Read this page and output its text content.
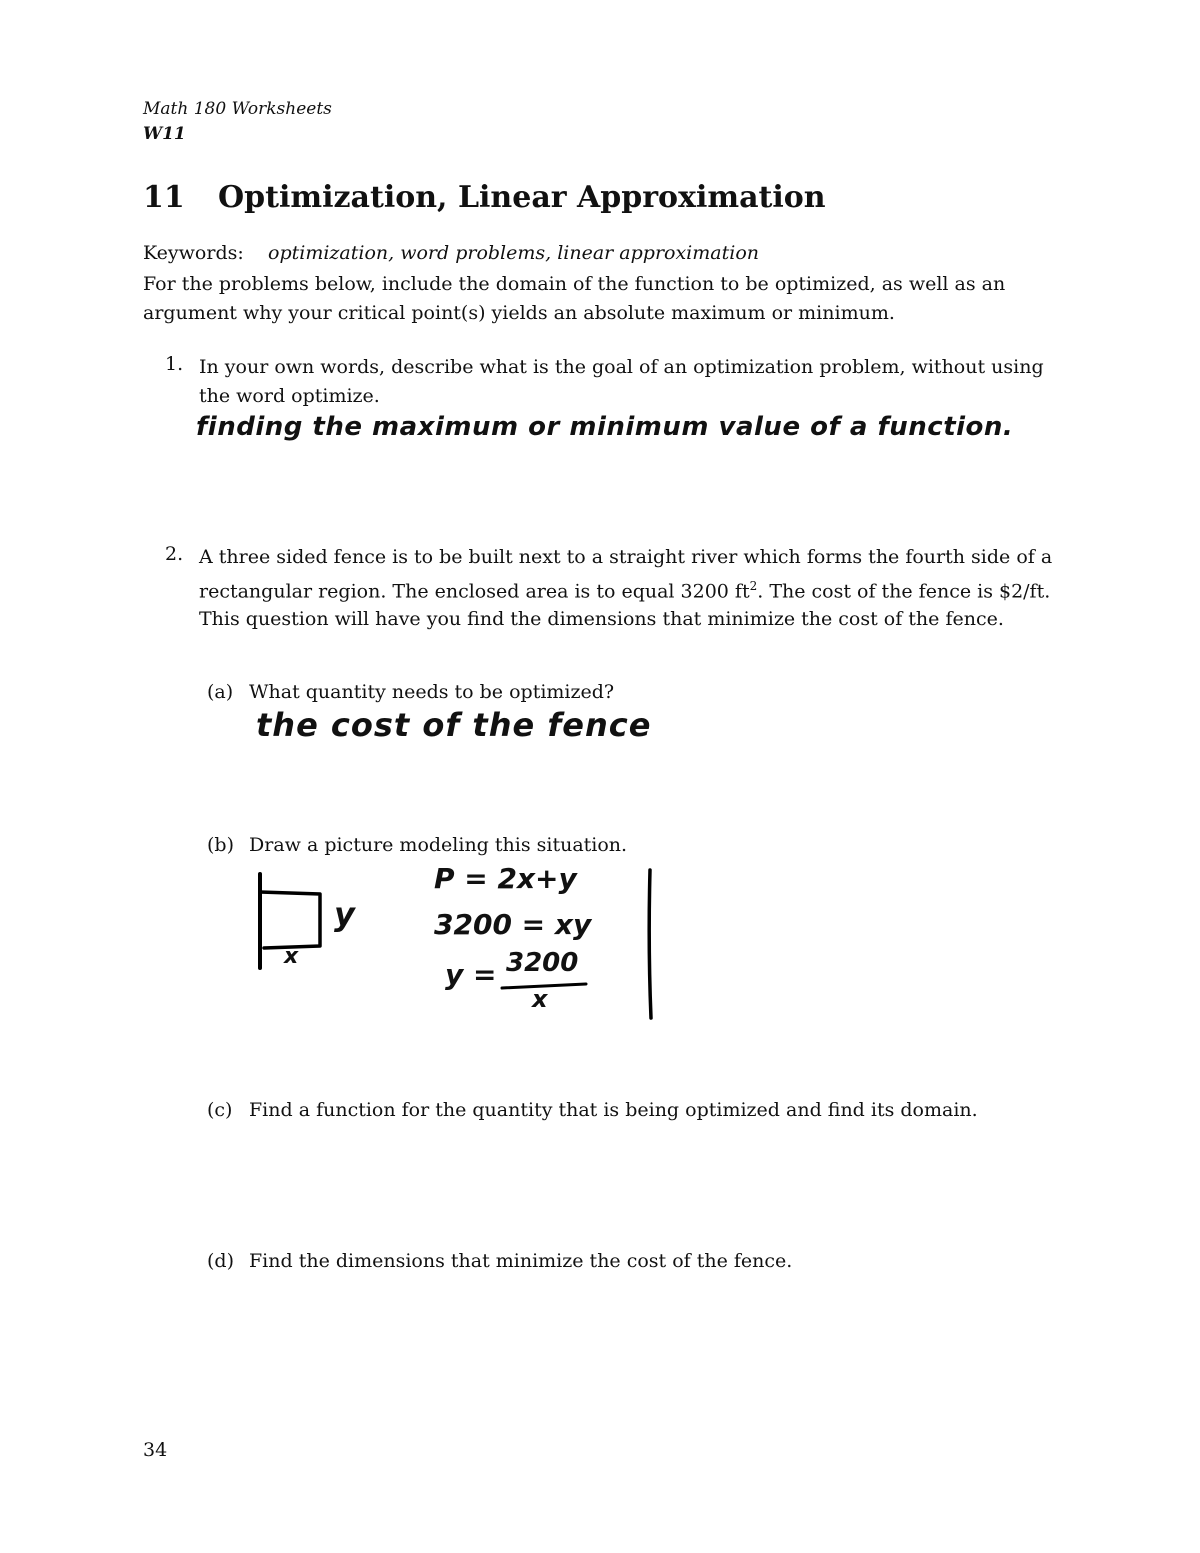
Math 180 Worksheets
W11
11 Optimization, Linear Approximation
Keywords: optimization, word problems, linear approximation
For the problems below, include the domain of the function to be optimized, as well as an argument why your critical point(s) yields an absolute maximum or minimum.
1. In your own words, describe what is the goal of an optimization problem, without using the word optimize.
finding the maximum or minimum value of a function.
2. A three sided fence is to be built next to a straight river which forms the fourth side of a rectangular region. The enclosed area is to equal 3200 $ft^2$. The cost of the fence is $2/ft. This question will have you find the dimensions that minimize the cost of the fence.
(a) What quantity needs to be optimized?
the cost of the fence
(b) Draw a picture modeling this situation.
y
x
P = 2x+y
3200 = xy
y = 3200
x
(c) Find a function for the quantity that is being optimized and find its domain.
(d) Find the dimensions that minimize the cost of the fence.
34
